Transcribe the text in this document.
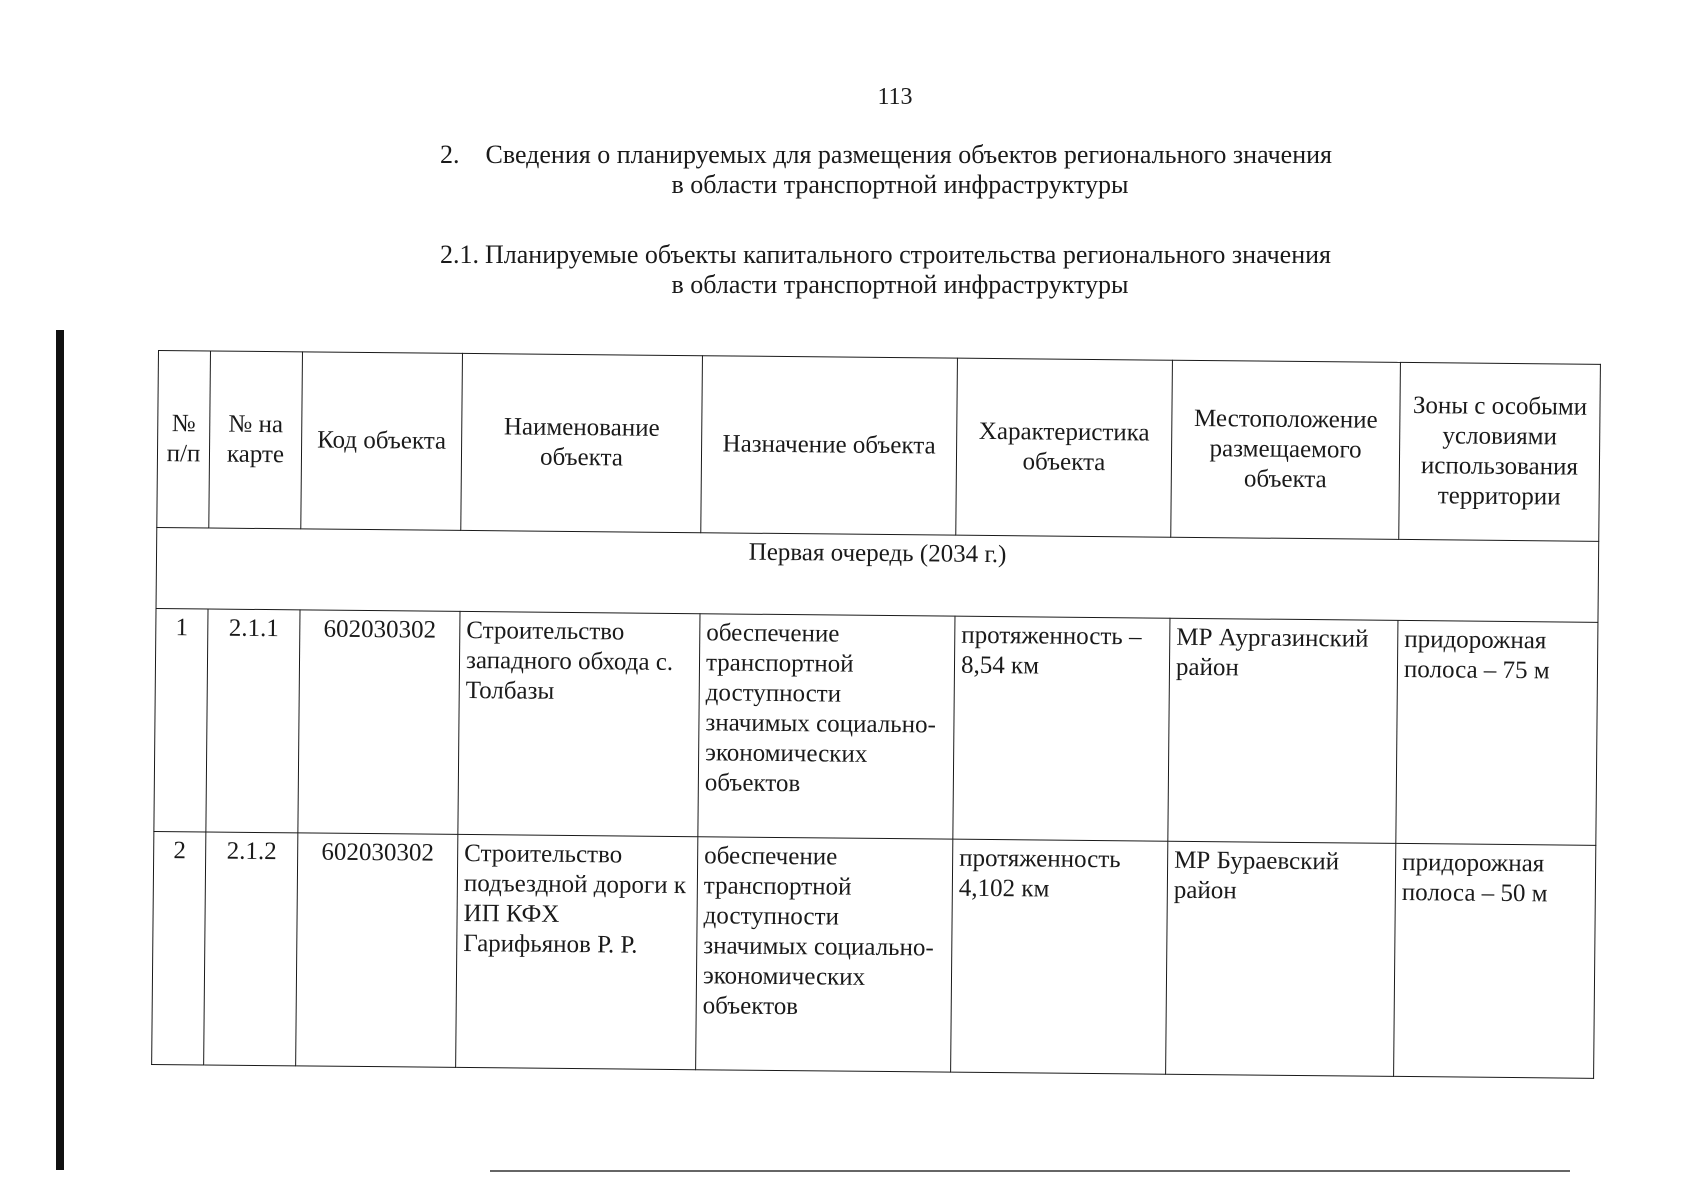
113
2. Сведения о планируемых для размещения объектов регионального значения
в области транспортной инфраструктуры
2.1. Планируемые объекты капитального строительства регионального значения
в области транспортной инфраструктуры
№ п/п	№ на карте	Код объекта	Наименование объекта	Назначение объекта	Характеристика объекта	Местоположение размещаемого объекта	Зоны с особыми условиями использования территории
Первая очередь (2034 г.)							
1	2.1.1	602030302	Строительство западного обхода с. Толбазы	обеспечение транспортной доступности значимых социально-экономических объектов	протяженность – 8,54 км	МР Аургазинский район	придорожная полоса – 75 м
2	2.1.2	602030302	Строительство подъездной дороги к ИП КФХ Гарифьянов Р. Р.	обеспечение транспортной доступности значимых социально-экономических объектов	протяженность 4,102 км	МР Бураевский район	придорожная полоса – 50 м
